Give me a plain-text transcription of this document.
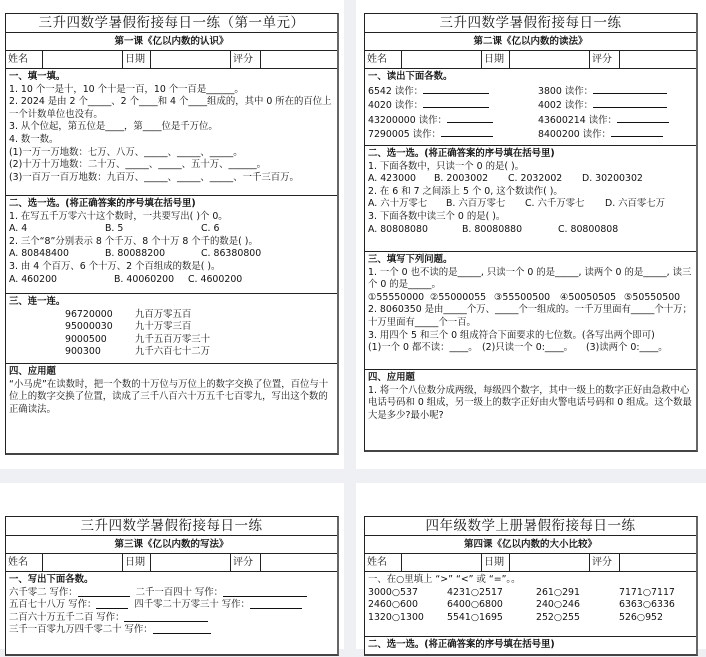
三升四数学暑假衔接每日一练（第一单元）
第一课《亿以内数的认识》
姓名	日期	评分
一、填一填。
1. 10 个一是十，10 个十是一百，10 个一百是______。
2. 2024 是由 2 个_____、2 个____和 4 个____组成的，其中 0 所在的百位上一个计数单位也没有。
3. 从个位起，第五位是____，第____位是千万位。
4. 数一数。
(1)一万一万地数：七万、八万、_____、_____、_____。
(2)十万十万地数：二十万、_____、_____、五十万、______。
(3)一百万一百万地数：九百万、_____、_____、_____、一千三百万。
二、选一选。(将正确答案的序号填在括号里)
1. 在写五千万零六十这个数时，一共要写出( )个 0。
A. 4	B. 5	C. 6
2. 三个“8”分别表示 8 个千万、8 个十万 8 个千的数是( )。
A. 80848400	B. 80088200	C. 86380800
3. 由 4 个百万、6 个十万、2 个百组成的数是( )。
A. 460200	B. 40060200	C. 4600200
三、连一连。
96720000	九百万零五百
95000030	九十万零三百
9000500	九千五百万零三十
900300	九千六百七十二万
四、应用题
“小马虎”在读数时，把一个数的十万位与万位上的数字交换了位置，百位与十位上的数字交换了位置，读成了三千八百六十万五千七百零九，写出这个数的正确读法。
三升四数学暑假衔接每日一练
第二课《亿以内数的读法》
姓名	日期	评分
一、读出下面各数。
6542 读作：	3800 读作：
4020 读作：	4002 读作：
43200000 读作：	43600214 读作：
7290005 读作：	8400200 读作：
二、选一选。(将正确答案的序号填在括号里)
1. 下面各数中，只读一个 0 的是( )。
A. 423000	B. 2003002	C. 2032002	D. 30200302
2. 在 6 和 7 之间添上 5 个 0, 这个数读作( )。
A. 六十万零七	B. 六百万零七	C. 六千万零七	D. 六百零七万
3. 下面各数中读三个 0 的是( )。
A. 80808080	B. 80080880	C. 80800808
三、填写下列问题。
1. 一个 0 也不读的是_____, 只读一个 0 的是_____, 读两个 0 的是_____, 读三个 0 的是_____。
①55550000 ②55000055 ③55500500	④50050505 ⑤50550500
2. 8060350 是由_____个万、_____个一组成的。一千万里面有_____个十万；十万里面有_____个一百。
3. 用四个 5 和三个 0 组成符合下面要求的七位数。(各写出两个即可)
(1)一个 0 都不读：____。 (2)只读一个 0:____。	(3)读两个 0:____。
四、应用题
1. 将一个八位数分成两级，每级四个数字，其中一级上的数字正好由急救中心电话号码和 0 组成，另一级上的数字正好由火警电话号码和 0 组成。这个数最大是多少?最小呢?
三升四数学暑假衔接每日一练
第三课《亿以内数的写法》
姓名	日期	评分
一、写出下面各数。
六千零二 写作：	二千一百四十 写作：
五百七十八万 写作：	四千零二十万零三十 写作：
二百六十万五千二百 写作：
三千一百零九万四千零二十 写作：
四年级数学上册暑假衔接每日一练
第四课《亿以内数的大小比较》
姓名	日期	评分
一、在○里填上 “>” “<” 或 “=”。。
3000○537	4231○2517	261○291	7171○7117
2460○600	6400○6800	240○246	6363○6336
1320○1300	5541○1695	252○255	526○952
二、选一选。(将正确答案的序号填在括号里)
